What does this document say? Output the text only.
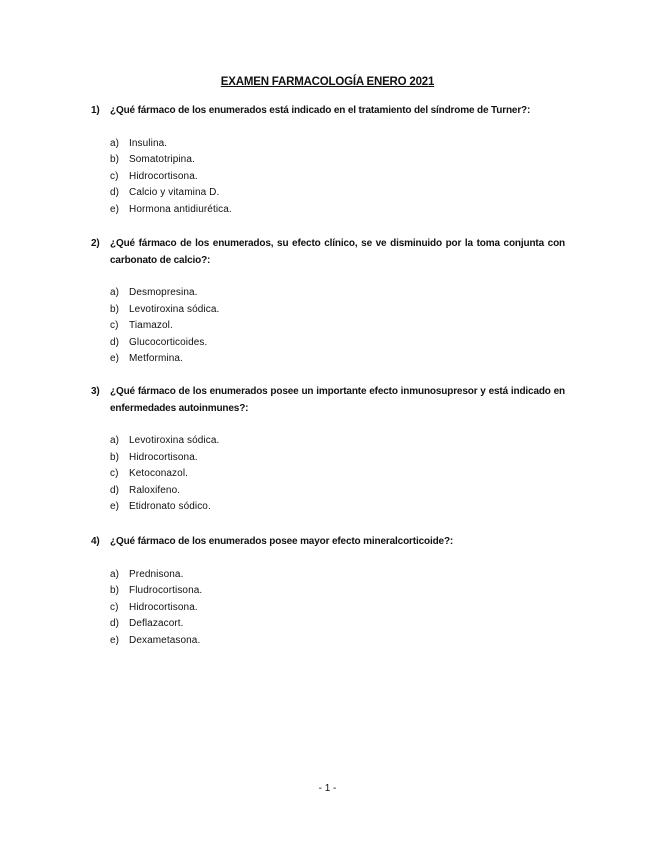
EXAMEN FARMACOLOGÍA ENERO 2021
1)	¿Qué fármaco de los enumerados está indicado en el tratamiento del síndrome de Turner?:
a) Insulina.
b) Somatotripina.
c)	Hidrocortisona.
d) Calcio y vitamina D.
e) Hormona antidiurética.
2)	¿Qué fármaco de los enumerados, su efecto clínico, se ve disminuido por la toma conjunta con carbonato de calcio?:
a) Desmopresina.
b) Levotiroxina sódica.
c)	Tiamazol.
d) Glucocorticoides.
e) Metformina.
3)	¿Qué fármaco de los enumerados posee un importante efecto inmunosupresor y está indicado en enfermedades autoinmunes?:
a) Levotiroxina sódica.
b) Hidrocortisona.
c)	Ketoconazol.
d) Raloxifeno.
e) Etidronato sódico.
4)	¿Qué fármaco de los enumerados posee mayor efecto mineralcorticoide?:
a) Prednisona.
b) Fludrocortisona.
c)	Hidrocortisona.
d) Deflazacort.
e) Dexametasona.
- 1 -
